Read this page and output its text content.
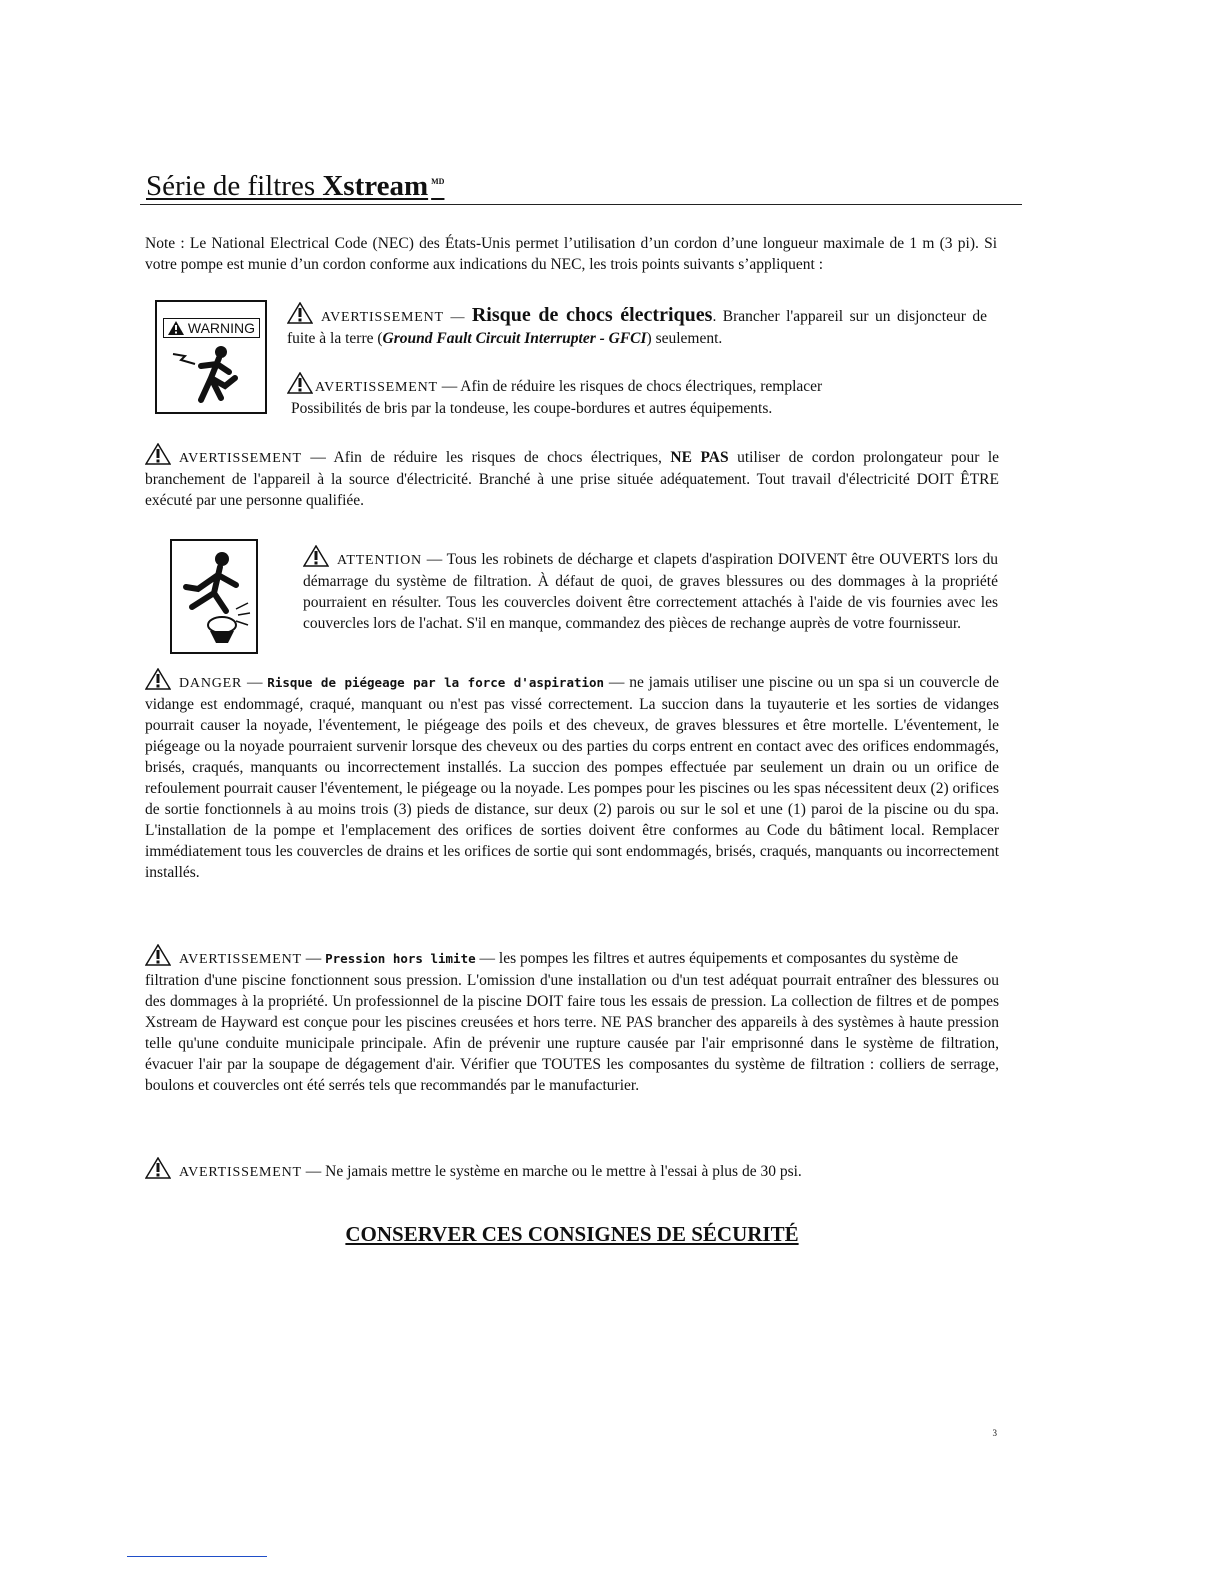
Série de filtres Xstream $^{MD}$
Note : Le National Electrical Code (NEC) des États-Unis permet l’utilisation d’un cordon d’une longueur maximale de 1 m (3 pi). Si votre pompe est munie d’un cordon conforme aux indications du NEC, les trois points suivants s’appliquent :
WARNING
AVERTISSEMENT — Risque de chocs électriques. Brancher l'appareil sur un disjoncteur de fuite à la terre (Ground Fault Circuit Interrupter - GFCI) seulement.
AVERTISSEMENT — Afin de réduire les risques de chocs électriques, remplacer
Possibilités de bris par la tondeuse, les coupe-bordures et autres équipements.
AVERTISSEMENT — Afin de réduire les risques de chocs électriques, NE PAS utiliser de cordon prolongateur pour le branchement de l'appareil à la source d'électricité. Branché à une prise située adéquatement. Tout travail d'électricité DOIT ÊTRE exécuté par une personne qualifiée.
ATTENTION — Tous les robinets de décharge et clapets d'aspiration DOIVENT être OUVERTS lors du démarrage du système de filtration. À défaut de quoi, de graves blessures ou des dommages à la propriété pourraient en résulter. Tous les couvercles doivent être correctement attachés à l'aide de vis fournies avec les couvercles lors de l'achat. S'il en manque, commandez des pièces de rechange auprès de votre fournisseur.
DANGER — Risque de piégeage par la force d'aspiration — ne jamais utiliser une piscine ou un spa si un couvercle de vidange est endommagé, craqué, manquant ou n'est pas vissé correctement. La succion dans la tuyauterie et les sorties de vidanges pourrait causer la noyade, l'éventement, le piégeage des poils et des cheveux, de graves blessures et être mortelle. L'éventement, le piégeage ou la noyade pourraient survenir lorsque des cheveux ou des parties du corps entrent en contact avec des orifices endommagés, brisés, craqués, manquants ou incorrectement installés. La succion des pompes effectuée par seulement un drain ou un orifice de refoulement pourrait causer l'éventement, le piégeage ou la noyade. Les pompes pour les piscines ou les spas nécessitent deux (2) orifices de sortie fonctionnels à au moins trois (3) pieds de distance, sur deux (2) parois ou sur le sol et une (1) paroi de la piscine ou du spa. L'installation de la pompe et l'emplacement des orifices de sorties doivent être conformes au Code du bâtiment local. Remplacer immédiatement tous les couvercles de drains et les orifices de sortie qui sont endommagés, brisés, craqués, manquants ou incorrectement installés.
AVERTISSEMENT — Pression hors limite — les pompes les filtres et autres équipements et composantes du système de
filtration d'une piscine fonctionnent sous pression. L'omission d'une installation ou d'un test adéquat pourrait entraîner des blessures ou des dommages à la propriété. Un professionnel de la piscine DOIT faire tous les essais de pression. La collection de filtres et de pompes Xstream de Hayward est conçue pour les piscines creusées et hors terre. NE PAS brancher des appareils à des systèmes à haute pression telle qu'une conduite municipale principale. Afin de prévenir une rupture causée par l'air emprisonné dans le système de filtration, évacuer l'air par la soupape de dégagement d'air. Vérifier que TOUTES les composantes du système de filtration : colliers de serrage, boulons et couvercles ont été serrés tels que recommandés par le manufacturier.
AVERTISSEMENT — Ne jamais mettre le système en marche ou le mettre à l'essai à plus de 30 psi.
CONSERVER CES CONSIGNES DE SÉCURITÉ
3
